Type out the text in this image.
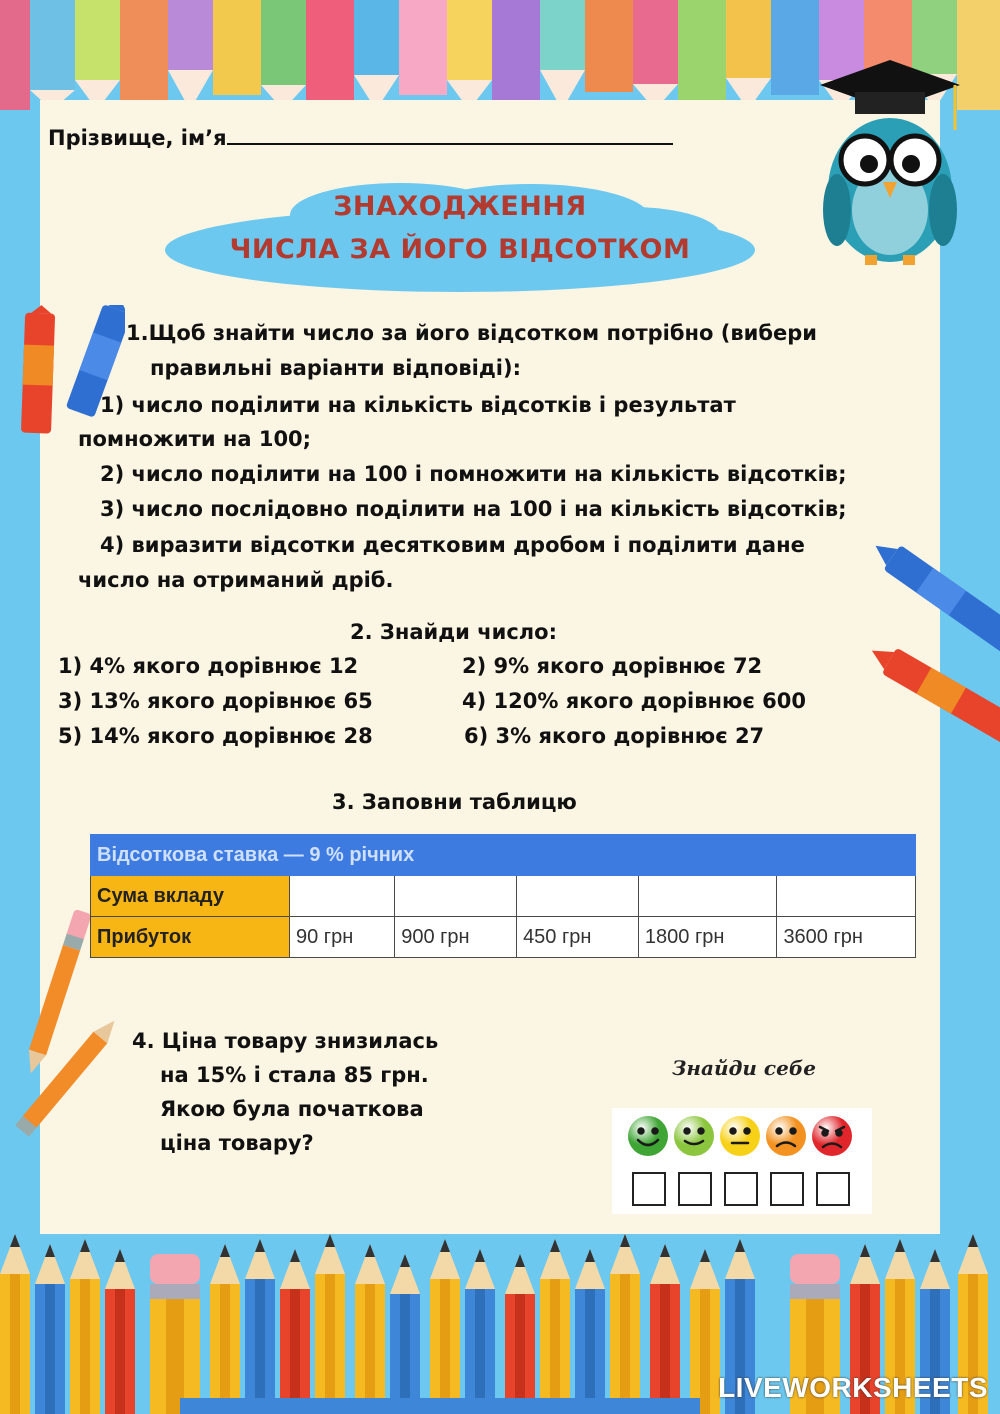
Прізвище, ім’я
ЗНАХОДЖЕННЯ
ЧИСЛА ЗА ЙОГО ВІДСОТКОМ
1.Щоб знайти число за його відсотком потрібно (вибери
правильні варіанти відповіді):
1) число поділити на кількість відсотків і результат
помножити на 100;
2) число поділити на 100 і помножити на кількість відсотків;
3) число послідовно поділити на 100 і на кількість відсотків;
4) виразити відсотки десятковим дробом і поділити дане
число на отриманий дріб.
2. Знайди число:
1) 4% якого дорівнює 12	2) 9% якого дорівнює 72
3) 13% якого дорівнює 65	4) 120% якого дорівнює 600
5) 14% якого дорівнює 28	6) 3% якого дорівнює 27
3. Заповни таблицю
Відсоткова ставка — 9 % річних					
Сума вкладу					
Прибуток	90 грн	900 грн	450 грн	1800 грн	3600 грн
4. Ціна товару знизилась
на 15% і стала 85 грн.
Якою була початкова
ціна товару?
Знайди себе
LIVEWORKSHEETS
